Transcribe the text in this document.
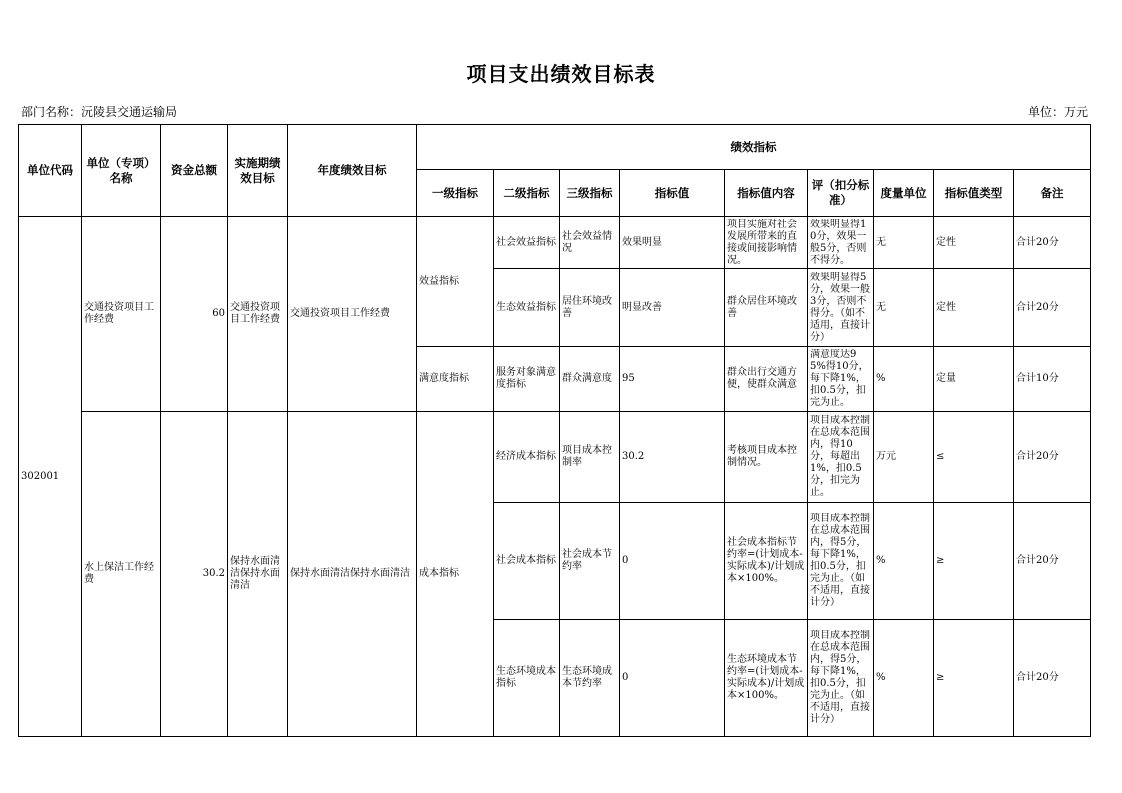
项目支出绩效目标表
部门名称：沅陵县交通运输局	单位：万元
单位代码	单位（专项）名称	资金总额	实施期绩效目标	年度绩效目标	绩效指标								
					一级指标	二级指标	三级指标	指标值	指标值内容	评（扣分标准）	度量单位	指标值类型	备注
302001	交通投资项目工作经费	60	交通投资项目工作经费	交通投资项目工作经费	效益指标	社会效益指标	社会效益情况	效果明显	项目实施对社会发展所带来的直接或间接影响情况。	效果明显得10分，效果一般5分，否则不得分。	无	定性	合计20分
						生态效益指标	居住环境改善	明显改善	群众居住环境改善	效果明显得5分，效果一般3分，否则不得分。（如不适用，直接计分）	无	定性	合计20分
					满意度指标	服务对象满意度指标	群众满意度	95	群众出行交通方便，使群众满意	满意度达95%得10分，每下降1%，扣0.5分，扣完为止。	%	定量	合计10分
	水上保洁工作经费	30.2	保持水面清洁保持水面清洁	保持水面清洁保持水面清洁	成本指标	经济成本指标	项目成本控制率	30.2	考核项目成本控制情况。	项目成本控制在总成本范围内，得10分，每超出1%，扣0.5分，扣完为止。	万元	≤	合计20分
						社会成本指标	社会成本节约率	0	社会成本指标节约率=(计划成本-实际成本)/计划成本×100%。	项目成本控制在总成本范围内，得5分，每下降1%，扣0.5分，扣完为止。（如不适用，直接计分）	%	≥	合计20分
						生态环境成本指标	生态环境成本节约率	0	生态环境成本节约率=(计划成本-实际成本)/计划成本×100%。	项目成本控制在总成本范围内，得5分，每下降1%，扣0.5分，扣完为止。（如不适用，直接计分）	%	≥	合计20分
